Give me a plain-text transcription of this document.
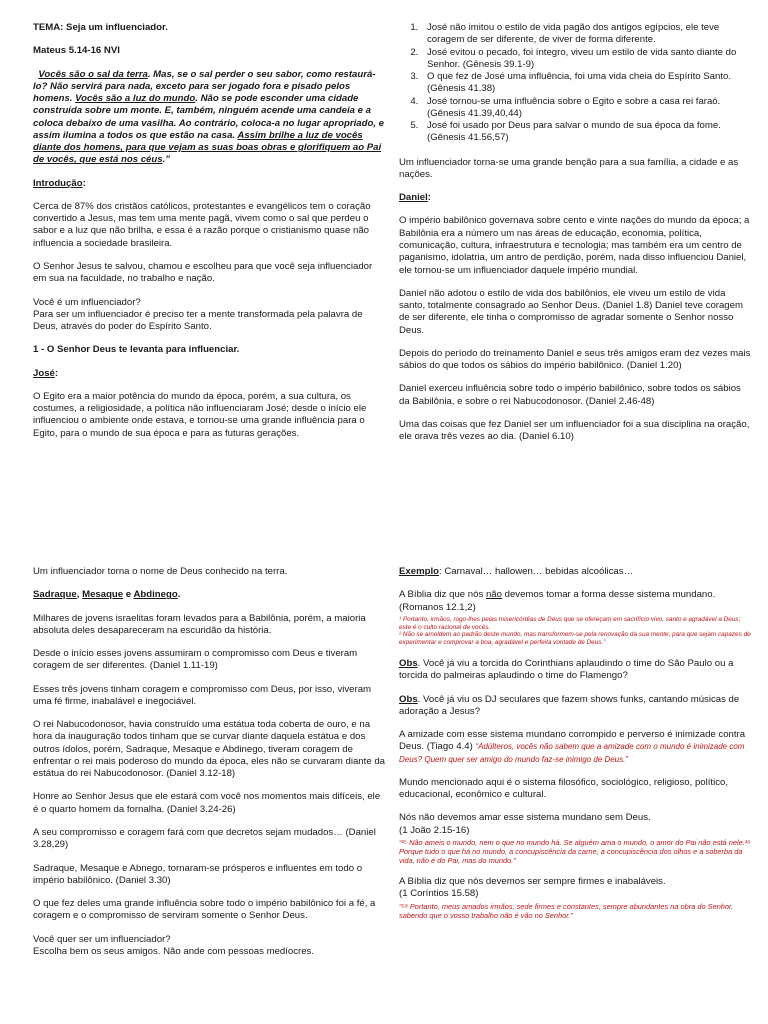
TEMA: Seja um influenciador.

Mateus 5.14-16 NVI

Vocês são o sal da terra. Mas, se o sal perder o seu sabor, como restaurá-lo? Não servirá para nada, exceto para ser jogado fora e pisado pelos homens. Vocês são a luz do mundo. Não se pode esconder uma cidade construída sobre um monte. E, também, ninguém acende uma candeia e a coloca debaixo de uma vasilha. Ao contrário, coloca-a no lugar apropriado, e assim ilumina a todos os que estão na casa. Assim brilhe a luz de vocês diante dos homens, para que vejam as suas boas obras e glorifiquem ao Pai de vocês, que está nos céus.”

Introdução:

Cerca de 87% dos cristãos católicos, protestantes e evangélicos tem o coração convertido a Jesus, mas tem uma mente pagã, vivem como o sal que perdeu o sabor e a luz que não brilha, e essa é a razão porque o cristianismo quase não influencia a sociedade brasileira.

O Senhor Jesus te salvou, chamou e escolheu para que você seja influenciador em sua na faculdade, no trabalho e nação.

Você é um influenciador?
Para ser um influenciador é preciso ter a mente transformada pela palavra de Deus, através do poder do Espírito Santo.

1 - O Senhor Deus te levanta para influenciar.

José:

O Egito era a maior potência do mundo da época, porém, a sua cultura, os costumes, a religiosidade, a política não influenciaram José; desde o início ele influenciou o ambiente onde estava, e tornou-se uma grande influência para o Egito, para o mundo de sua época e para as futuras gerações.

1. José não imitou o estilo de vida pagão dos antigos egípcios, ele teve coragem de ser diferente, de viver de forma diferente.
2. José evitou o pecado, foi íntegro, viveu um estilo de vida santo diante do Senhor. (Gênesis 39.1-9)
3. O que fez de José uma influência, foi uma vida cheia do Espírito Santo. (Gênesis 41.38)
4. José tornou-se uma influência sobre o Egito e sobre a casa rei faraó. (Gênesis 41.39,40,44)
5. José foi usado por Deus para salvar o mundo de sua época da fome. (Gênesis 41.56,57)

Um influenciador torna-se uma grande benção para a sua família, a cidade e as nações.

Daniel:

O império babilônico governava sobre cento e vinte nações do mundo da época; a Babilônia era a número um nas áreas de educação, economia, política, comunicação, cultura, infraestrutura e tecnologia; mas também era um centro de paganismo, idolatria, um antro de perdição, porém, nada disso influenciou Daniel, ele tornou-se um influenciador daquele império mundial.

Daniel não adotou o estilo de vida dos babilônios, ele viveu um estilo de vida santo, totalmente consagrado ao Senhor Deus. (Daniel 1.8) Daniel teve coragem de ser diferente, ele tinha o compromisso de agradar somente o Senhor nosso Deus.

Depois do período do treinamento Daniel e seus três amigos eram dez vezes mais sábios do que todos os sábios do império babilônico. (Daniel 1.20)

Daniel exerceu influência sobre todo o império babilônico, sobre todos os sábios da Babilônia, e sobre o rei Nabucodonosor. (Daniel 2.46-48)

Uma das coisas que fez Daniel ser um influenciador foi a sua disciplina na oração, ele orava três vezes ao dia. (Daniel 6.10)

Um influenciador torna o nome de Deus conhecido na terra.

Sadraque, Mesaque e Abdinego.

Milhares de jovens israelitas foram levados para a Babilônia, porém, a maioria absoluta deles desapareceram na escuridão da história.

Desde o início esses jovens assumiram o compromisso com Deus e tiveram coragem de ser diferentes. (Daniel 1.11-19)

Esses três jovens tinham coragem e compromisso com Deus, por isso, viveram uma fé firme, inabalável e inegociável.

O rei Nabucodonosor, havia construído uma estátua toda coberta de ouro, e na hora da inauguração todos tinham que se curvar diante daquela estátua e dos outros ídolos, porém, Sadraque, Mesaque e Abdinego, tiveram coragem de enfrentar o rei mais poderoso do mundo da época, eles não se curvaram diante da estátua do rei Nabucodonosor. (Daniel 3.12-18)

Honre ao Senhor Jesus que ele estará com você nos momentos mais difíceis, ele é o quarto homem da fornalha. (Daniel 3.24-26)

A seu compromisso e coragem fará com que decretos sejam mudados… (Daniel 3.28,29)

Sadraque, Mesaque e Abnego, tornaram-se prósperos e influentes em todo o império babilônico. (Daniel 3.30)

O que fez deles uma grande influência sobre todo o império babilônico foi a fé, a coragem e o compromisso de serviram somente o Senhor Deus.

Você quer ser um influenciador?
Escolha bem os seus amigos. Não ande com pessoas medíocres.

Exemplo: Carnaval… hallowen… bebidas alcoólicas…

A Bíblia diz que nós não devemos tomar a forma desse sistema mundano. (Romanos 12.1,2)

¹ Portanto, irmãos, rogo-lhes pelas misericórdias de Deus que se ofereçam em sacrifício vivo, santo e agradável a Deus; este é o culto racional de vocês.
² Não se amoldem ao padrão deste mundo, mas transformem-se pela renovação da sua mente, para que sejam capazes de experimentar e comprovar a boa, agradável e perfeita vontade de Deus.”

Obs. Você já viu a torcida do Corinthians aplaudindo o time do São Paulo ou a torcida do palmeiras aplaudindo o time do Flamengo?

Obs. Você já viu os DJ seculares que fazem shows funks, cantando músicas de adoração a Jesus?

A amizade com esse sistema mundano corrompido e perverso é inimizade contra Deus. (Tiago 4.4) “Adúlteros, vocês não sabem que a amizade com o mundo é inimizade com Deus? Quem quer ser amigo do mundo faz-se inimigo de Deus.”

Mundo mencionado aqui é o sistema filosófico, sociológico, religioso, político, educacional, econômico e cultural.

Nós não devemos amar esse sistema mundano sem Deus.
(1 João 2.15-16)

“¹⁵ Não ameis o mundo, nem o que no mundo há. Se alguém ama o mundo, o amor do Pai não está nele.¹⁶ Porque tudo o que há no mundo, a concupiscência da carne, a concupiscência dos olhos e a soberba da vida, não é do Pai, mas do mundo.”

A Bíblia diz que nós devemos ser sempre firmes e inabaláveis.
(1 Coríntios 15.58)

“⁵⁸ Portanto, meus amados irmãos, sede firmes e constantes, sempre abundantes na obra do Senhor, sabendo que o vosso trabalho não é vão no Senhor.”
